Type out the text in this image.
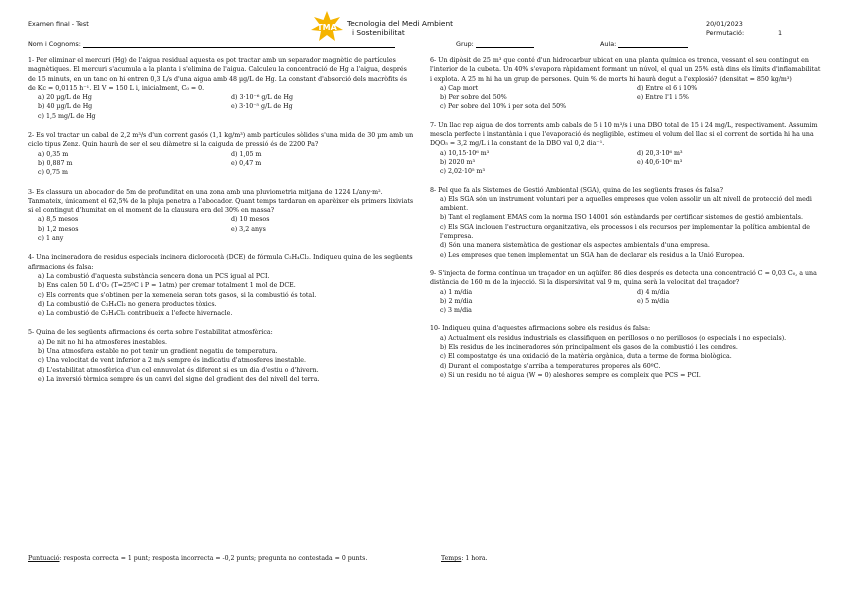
Examen final - Test	TMA Tecnologia del Medi Ambient
i Sostenibilitat
20/01/2023
Permutació:	1
Nom i Cognoms:	Grup:	Aula:
1- Per eliminar el mercuri (Hg) de l'aigua residual aquesta es pot tractar amb un separador magnètic de partícules magnètiques. El mercuri s'acumula a la planta i s'elimina de l'aigua. Calculeu la concentració de Hg a l'aigua, després de 15 minuts, en un tanc on hi entren 0,3 L/s d'una aigua amb 48 µg/L de Hg. La constant d'absorció dels macròfits és de Kc = 0,0115 h⁻¹. El V = 150 L i, inicialment, C₀ = 0.
a) 20 µg/L de Hg	d) 3·10⁻⁶ g/L de Hg
b) 40 µg/L de Hg	e) 3·10⁻⁵ g/L de Hg
c) 1,5 mg/L de Hg
2- Es vol tractar un cabal de 2,2 m³/s d'un corrent gasós (1,1 kg/m³) amb partícules sòlides s'una mida de 30 µm amb un ciclo tipus Zenz. Quin haurà de ser el seu diàmetre si la caiguda de pressió és de 2200 Pa?
a) 0,35 m	d) 1,05 m
b) 0,887 m	e) 0,47 m
c) 0,75 m
3- Es classura un abocador de 5m de profunditat en una zona amb una pluviometria mitjana de 1224 L/any·m². Tanmateix, únicament el 62,5% de la pluja penetra a l'abocador. Quant temps tardaran en aparèixer els primers lixiviats si el contingut d'humitat en el moment de la clausura era del 30% en massa?
a) 8,5 mesos	d) 10 mesos
b) 1,2 mesos	e) 3,2 anys
c) 1 any
4- Una incineradora de residus especials incinera diclorocetà (DCE) de fórmula C₂H₄Cl₂. Indiqueu quina de les següents afirmacions és falsa:
a) La combustió d'aquesta substància sencera dona un PCS igual al PCI.
b) Ens calen 50 L d'O₂ (T=25ºC i P = 1atm) per cremar totalment 1 mol de DCE.
c) Els corrents que s'obtinen per la xemeneia seran tots gasos, si la combustió és total.
d) La combustió de C₂H₄Cl₂ no genera productes tòxics.
e) La combustió de C₂H₄Cl₂ contribueix a l'efecte hivernacle.
5- Quina de les següents afirmacions és certa sobre l'estabilitat atmosfèrica:
a) De nit no hi ha atmosferes inestables.
b) Una atmosfera estable no pot tenir un gradient negatiu de temperatura.
c) Una velocitat de vent inferior a 2 m/s sempre és indicatiu d'atmosferes inestable.
d) L'estabilitat atmosfèrica d'un cel ennuvolat és diferent si es un dia d'estiu o d'hivern.
e) La inversió tèrmica sempre és un canvi del signe del gradient des del nivell del terra.
6- Un dipòsit de 25 m³ que conté d'un hidrocarbur ubicat en una planta química es trenca, vessant el seu contingut en l'interior de la cubeta. Un 40% s'evapora ràpidament formant un núvol, el qual un 25% està dins els límits d'inflamabilitat i explota. A 25 m hi ha un grup de persones. Quin % de morts hi haurà degut a l'explosió? (densitat = 850 kg/m³)
a) Cap mort	d) Entre el 6 i 10%
b) Per sobre del 50%	e) Entre l'1 i 5%
c) Per sobre del 10% i per sota del 50%
7- Un llac rep aigua de dos torrents amb cabals de 5 i 10 m³/s i una DBO total de 15 i 24 mg/L, respectivament. Assumim mescla perfecte i instantània i que l'evaporació és negligible, estimeu el volum del llac si el corrent de sortida hi ha una DQO₅ = 3,2 mg/L i la constant de la DBO val 0,2 dia⁻¹.
a) 10,15·10⁶ m³	d) 20,3·10⁶ m³
b) 2020 m³	e) 40,6·10⁶ m³
c) 2,02·10⁵ m³
8- Pel que fa als Sistemes de Gestió Ambiental (SGA), quina de les següents frases és falsa?
a) Els SGA són un instrument voluntari per a aquelles empreses que volen assolir un alt nivell de protecció del medi ambient.
b) Tant el reglament EMAS com la norma ISO 14001 són estàndards per certificar sistemes de gestió ambientals.
c) Els SGA inclouen l'estructura organitzativa, els processos i els recursos per implementar la política ambiental de l'empresa.
d) Són una manera sistemàtica de gestionar els aspectes ambientals d'una empresa.
e) Les empreses que tenen implementat un SGA han de declarar els residus a la Unió Europea.
9- S'injecta de forma contínua un traçador en un aqüífer. 86 dies després es detecta una concentració C = 0,03 C₀, a una distància de 160 m de la injecció. Si la dispersivitat val 9 m, quina serà la velocitat del traçador?
a) 1 m/dia	d) 4 m/dia
b) 2 m/dia	e) 5 m/dia
c) 3 m/dia
10- Indiqueu quina d'aquestes afirmacions sobre els residus és falsa:
a) Actualment els residus industrials es classifiquen en perillosos o no perillosos (o especials i no especials).
b) Els residus de les incineradores són principalment els gasos de la combustió i les cendres.
c) El compostatge és una oxidació de la matèria orgànica, duta a terme de forma biològica.
d) Durant el compostatge s'arriba a temperatures properes als 60ºC.
e) Si un residu no té aigua (W = 0) aleshores sempre es compleix que PCS = PCI.
Puntuació: resposta correcta = 1 punt; resposta incorrecta = -0,2 punts; pregunta no contestada = 0 punts.	Temps: 1 hora.
